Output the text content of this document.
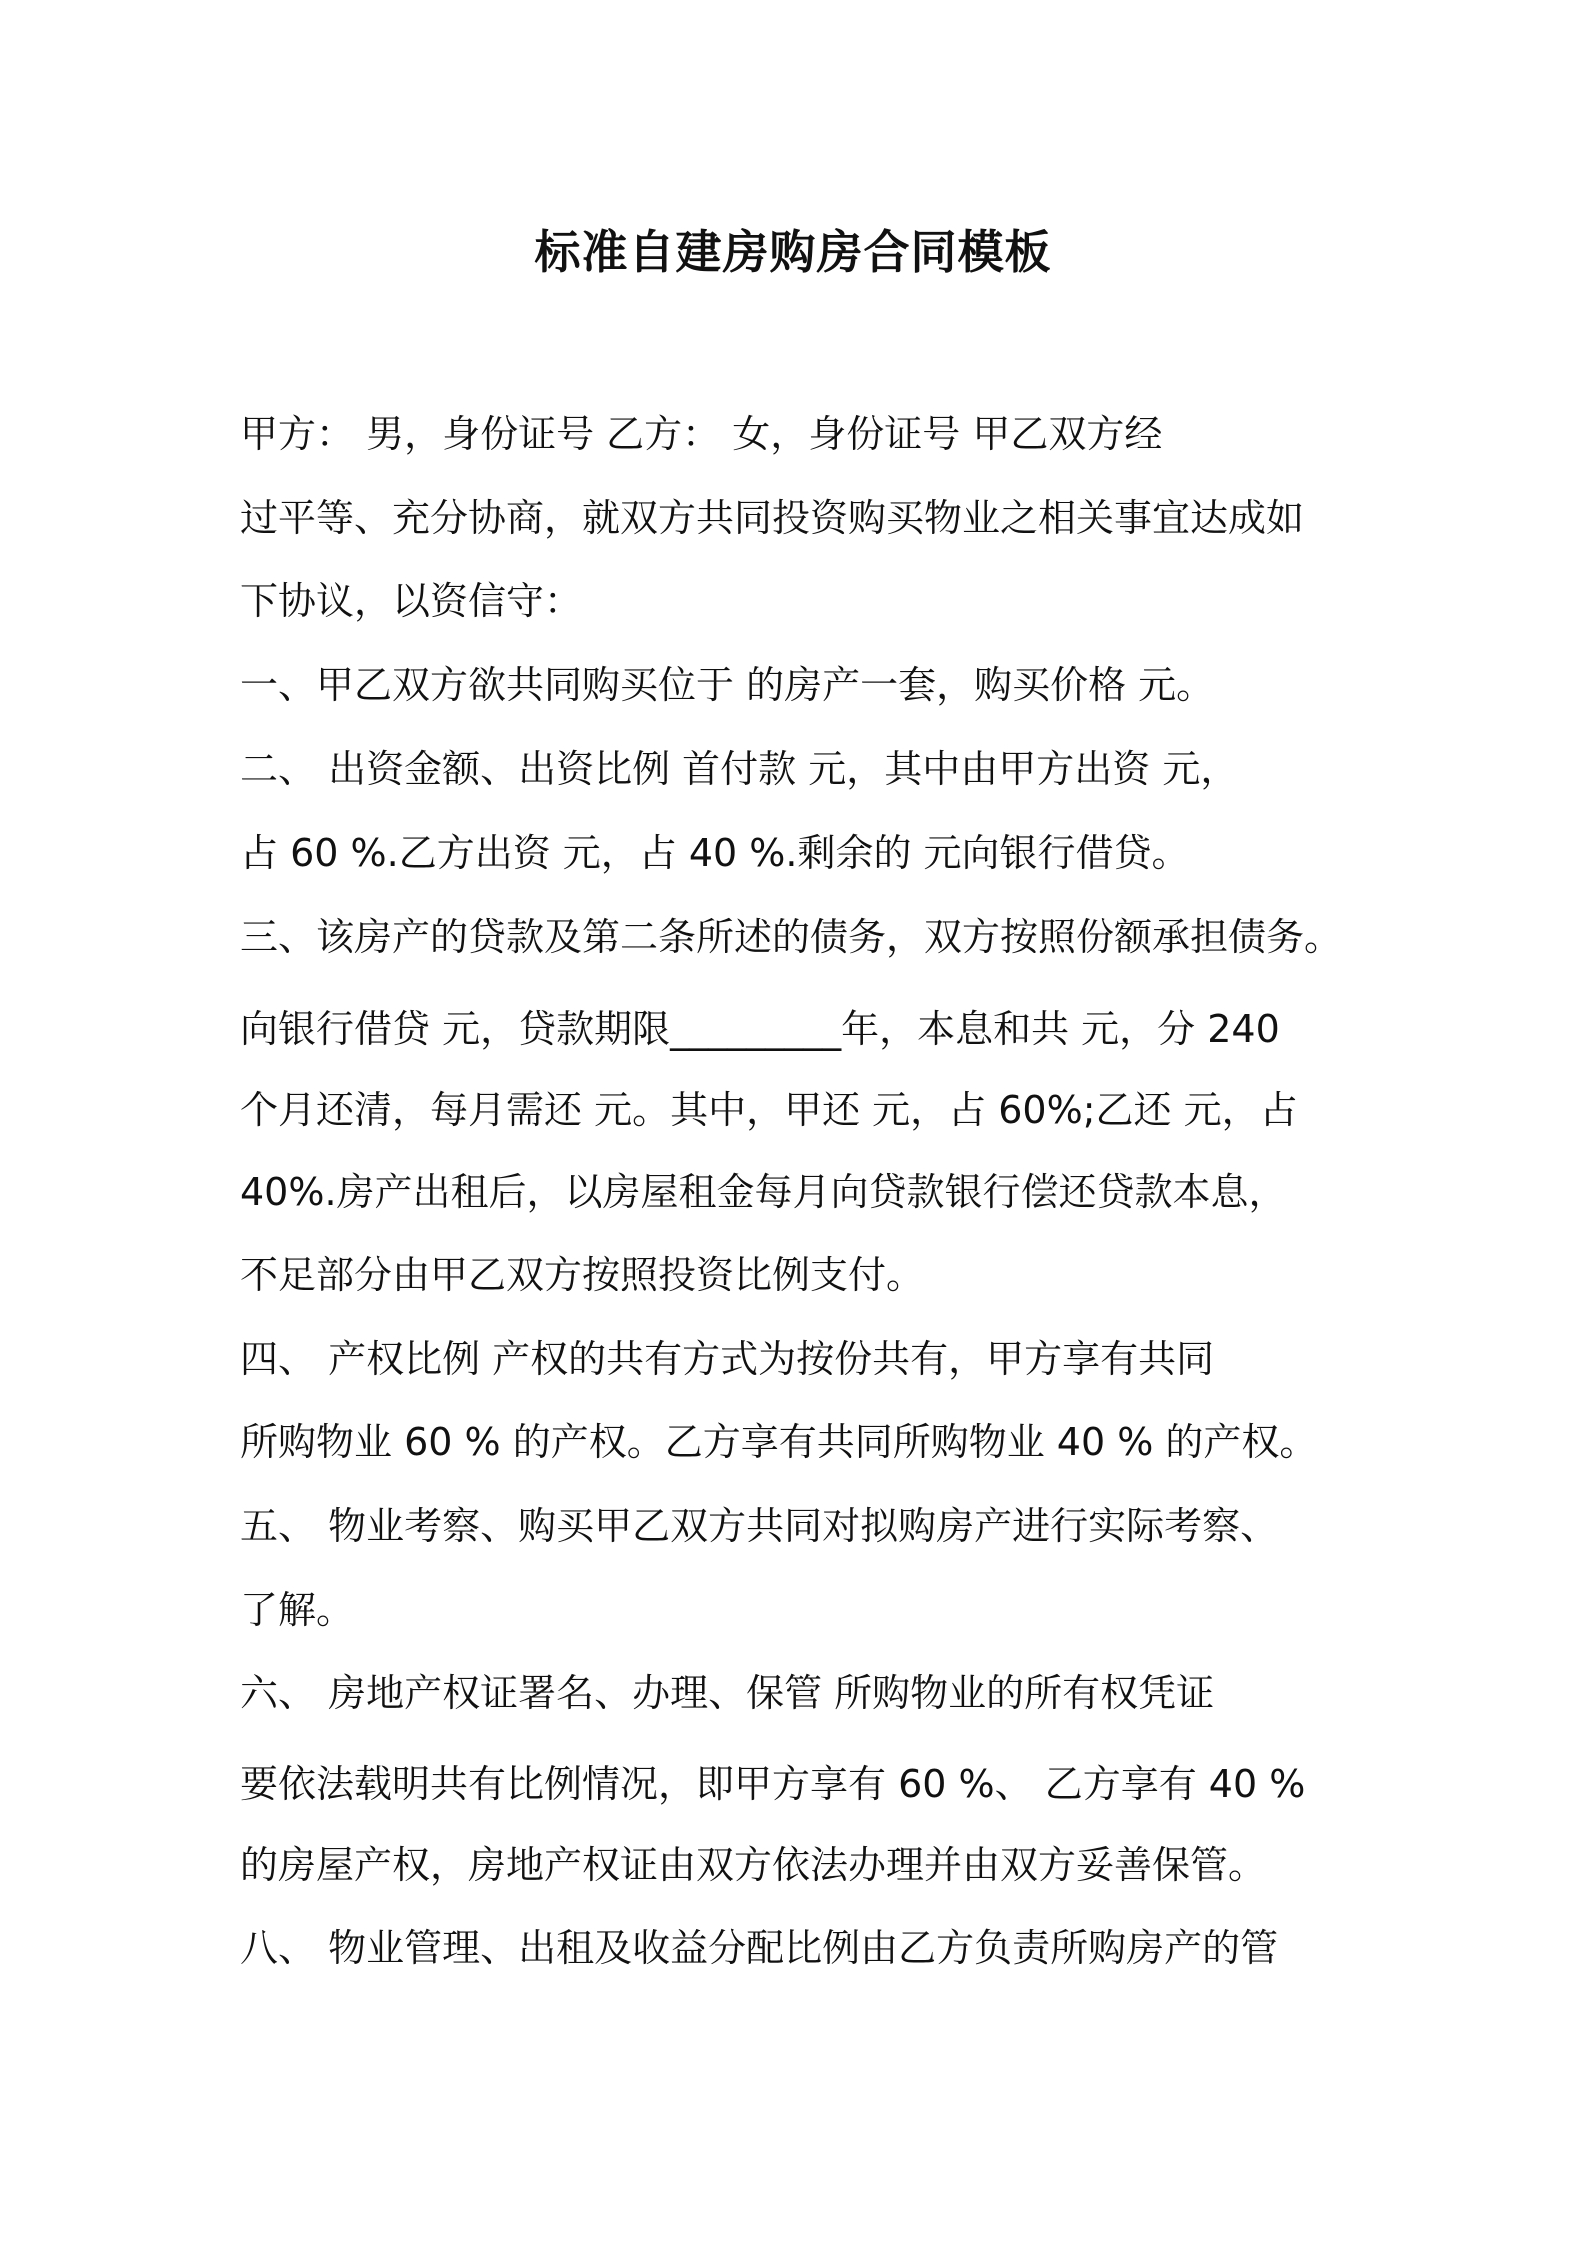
标准自建房购房合同模板
甲方： 男，身份证号 乙方： 女，身份证号 甲乙双方经
过平等、充分协商，就双方共同投资购买物业之相关事宜达成如
下协议，以资信守：
一、甲乙双方欲共同购买位于 的房产一套，购买价格 元。
二、 出资金额、出资比例 首付款 元，其中由甲方出资 元，
占 60 %.乙方出资 元，占 40 %.剩余的 元向银行借贷。
三、该房产的贷款及第二条所述的债务，双方按照份额承担债务。
向银行借贷 元，贷款期限_________年，本息和共 元，分 240
个月还清，每月需还 元。其中，甲还 元，占 60%;乙还 元，占
40%.房产出租后，以房屋租金每月向贷款银行偿还贷款本息，
不足部分由甲乙双方按照投资比例支付。
四、 产权比例 产权的共有方式为按份共有，甲方享有共同
所购物业 60 % 的产权。乙方享有共同所购物业 40 % 的产权。
五、 物业考察、购买甲乙双方共同对拟购房产进行实际考察、
了解。
六、 房地产权证署名、办理、保管 所购物业的所有权凭证
要依法载明共有比例情况，即甲方享有 60 %、 乙方享有 40 %
的房屋产权，房地产权证由双方依法办理并由双方妥善保管。
八、 物业管理、出租及收益分配比例由乙方负责所购房产的管
